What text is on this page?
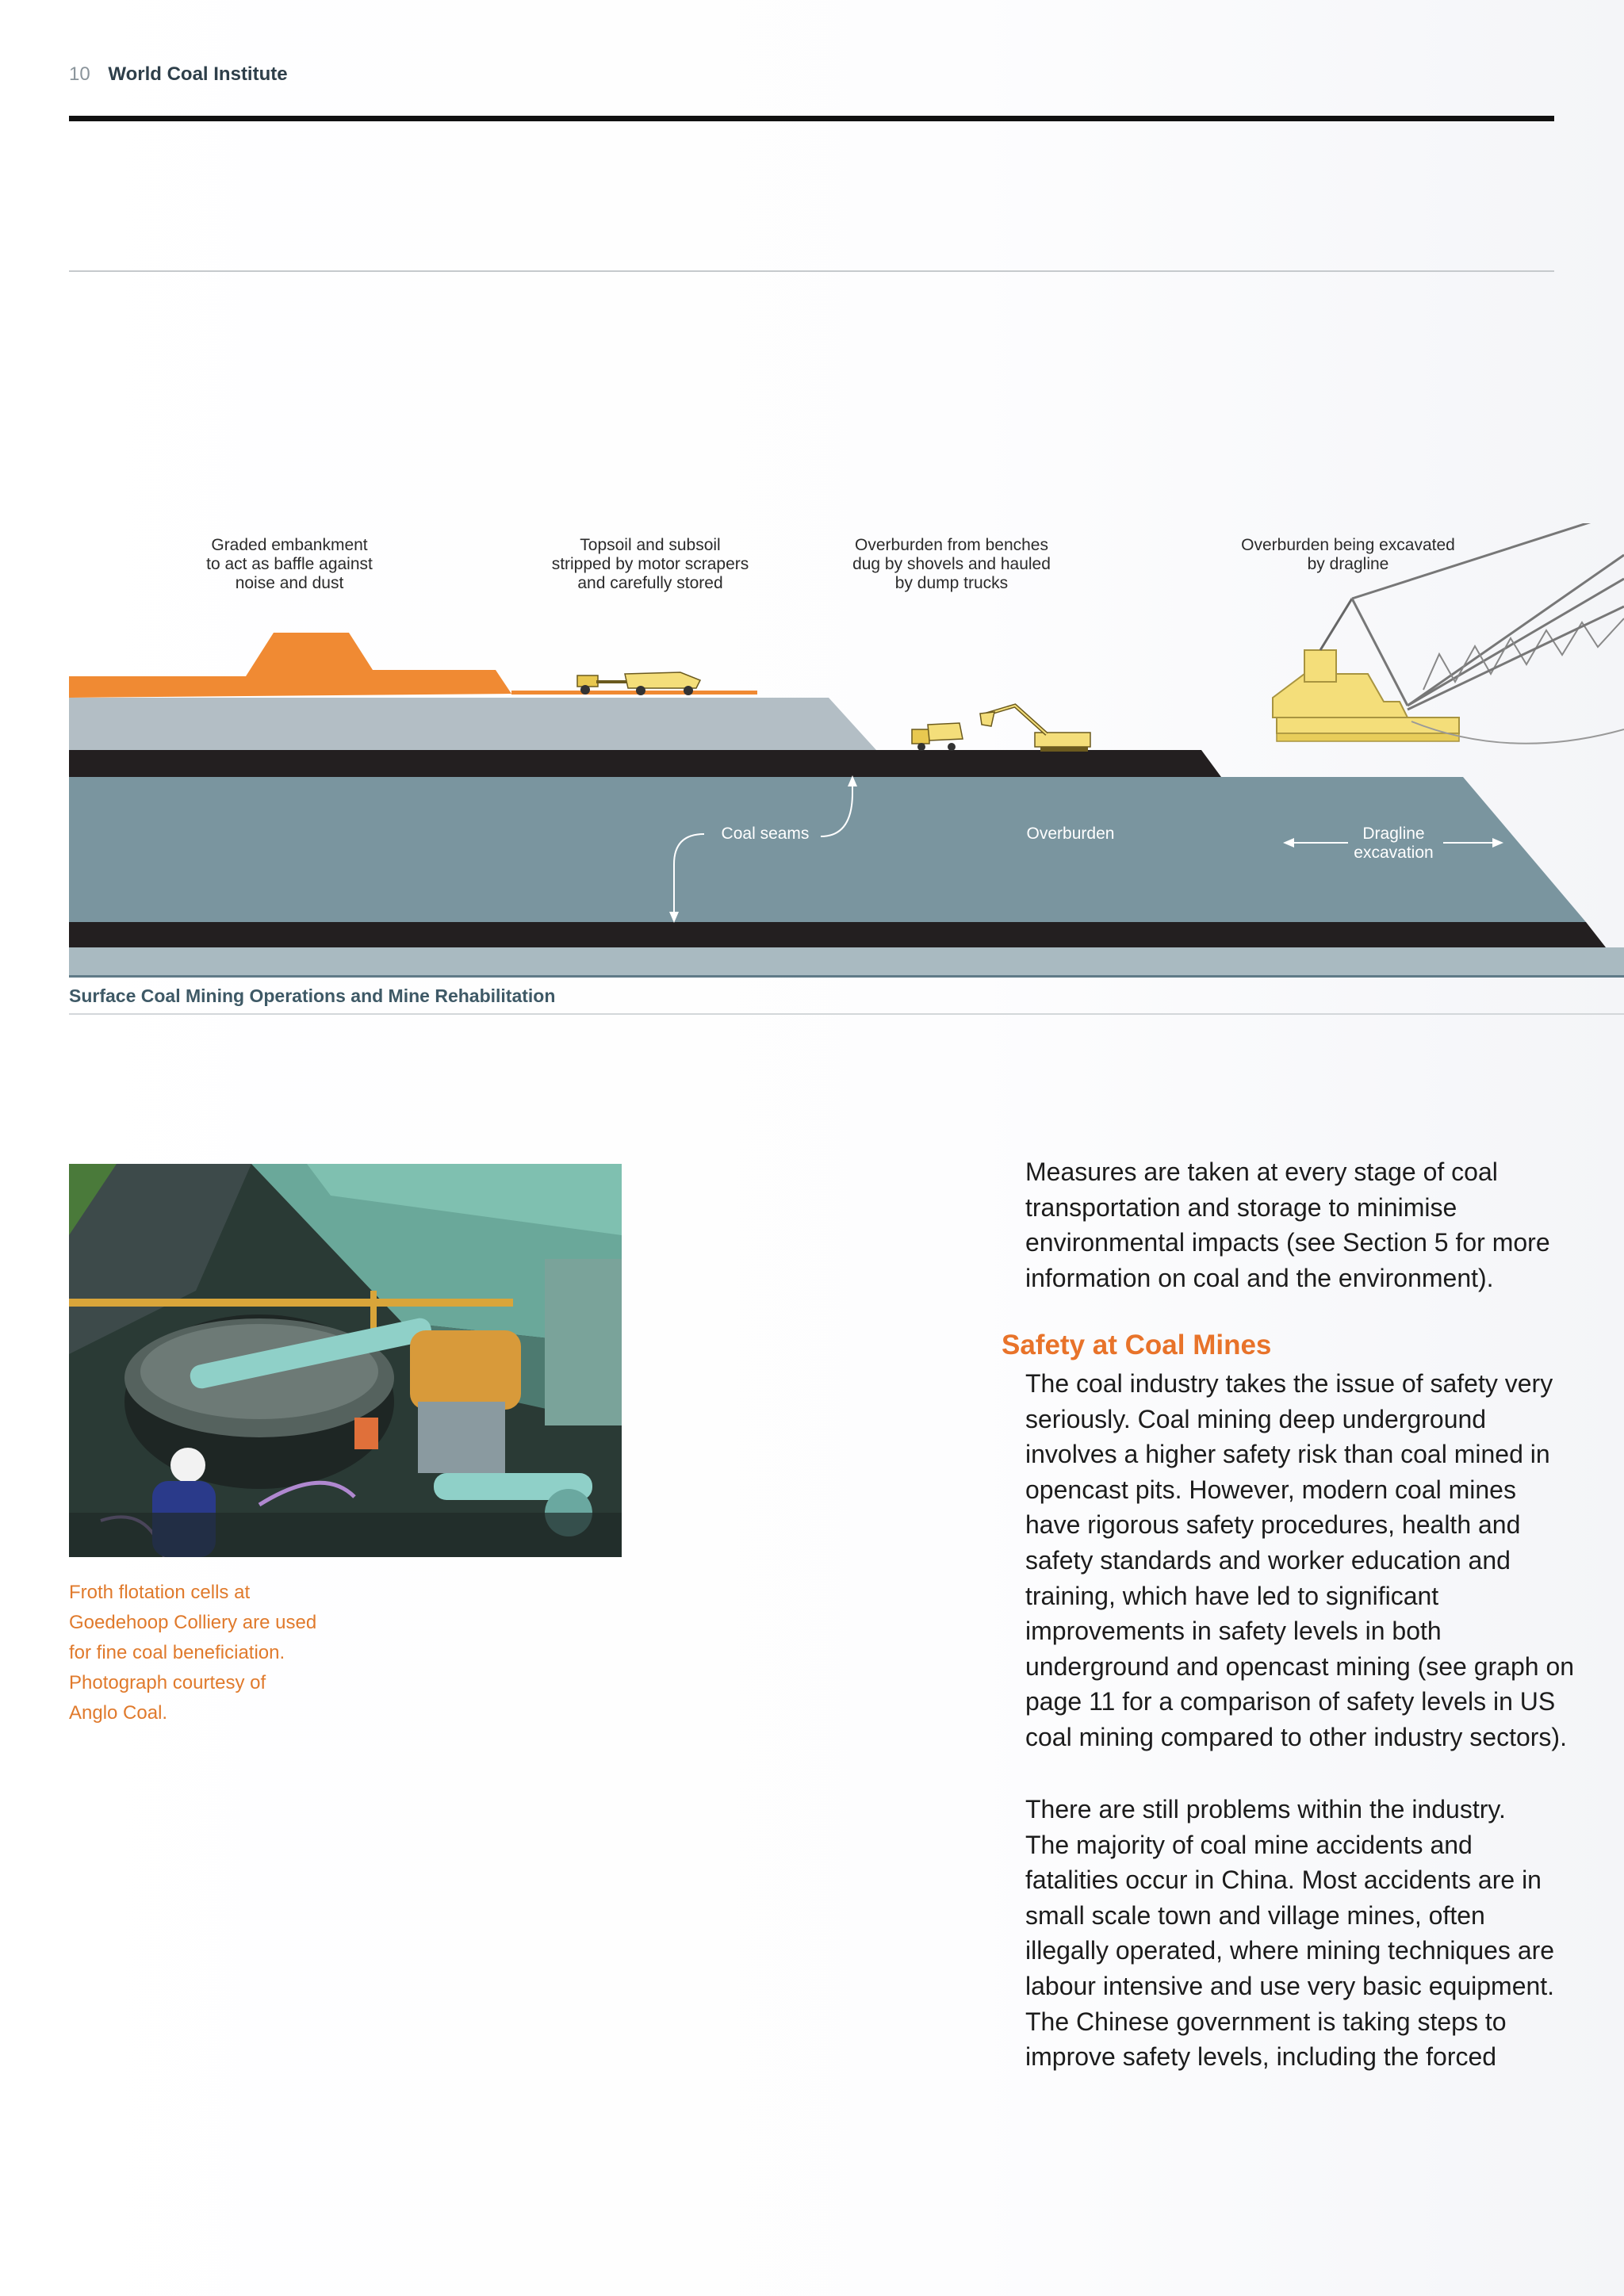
10 World Coal Institute
Graded embankment
to act as baffle against
noise and dust
Topsoil and subsoil
stripped by motor scrapers
and carefully stored
Overburden from benches
dug by shovels and hauled
by dump trucks
Overburden being excavated
by dragline
Coal seams	Overburden	Dragline
excavation
Surface Coal Mining Operations and Mine Rehabilitation
Froth flotation cells at
Goedehoop Colliery are used
for fine coal beneficiation.
Photograph courtesy of
Anglo Coal.
Measures are taken at every stage of coal
transportation and storage to minimise
environmental impacts (see Section 5 for more
information on coal and the environment).
Safety at Coal Mines
The coal industry takes the issue of safety very
seriously. Coal mining deep underground
involves a higher safety risk than coal mined in
opencast pits. However, modern coal mines
have rigorous safety procedures, health and
safety standards and worker education and
training, which have led to significant
improvements in safety levels in both
underground and opencast mining (see graph on
page 11 for a comparison of safety levels in US
coal mining compared to other industry sectors).
There are still problems within the industry.
The majority of coal mine accidents and
fatalities occur in China. Most accidents are in
small scale town and village mines, often
illegally operated, where mining techniques are
labour intensive and use very basic equipment.
The Chinese government is taking steps to
improve safety levels, including the forced
